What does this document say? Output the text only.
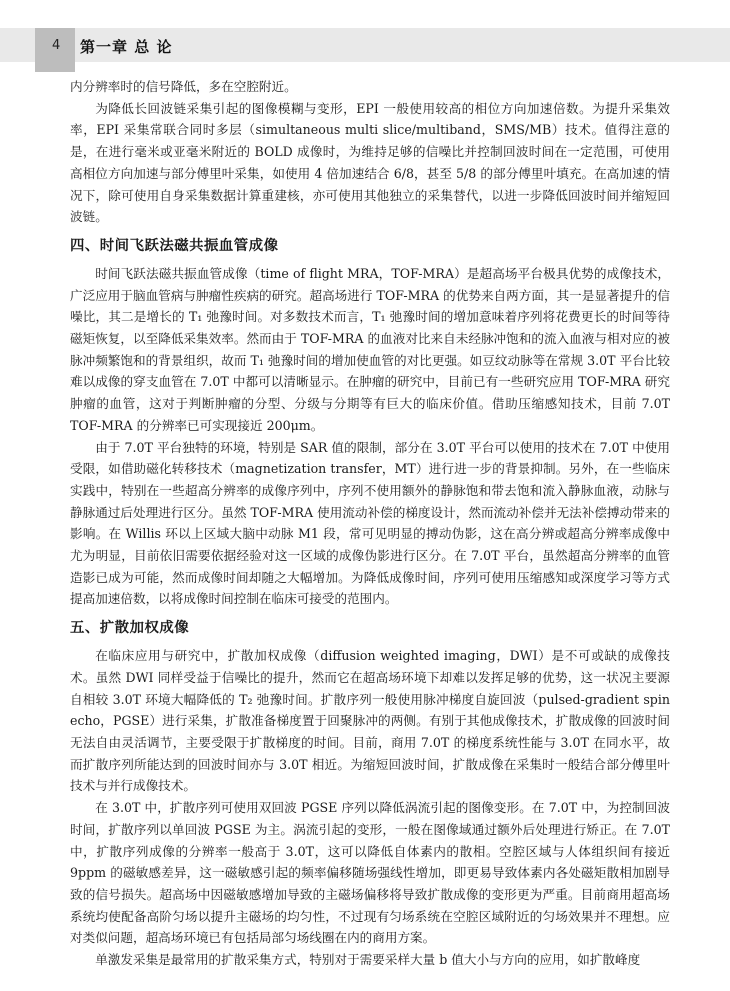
4 第一章 总 论

内分辨率时的信号降低，多在空腔附近。

为降低长回波链采集引起的图像模糊与变形，EPI 一般使用较高的相位方向加速倍数。为提升采集效率，EPI 采集常联合同时多层（simultaneous multi slice/multiband，SMS/MB）技术。值得注意的是，在进行毫米或亚毫米附近的 BOLD 成像时，为维持足够的信噪比并控制回波时间在一定范围，可使用高相位方向加速与部分傅里叶采集，如使用 4 倍加速结合 6/8，甚至 5/8 的部分傅里叶填充。在高加速的情况下，除可使用自身采集数据计算重建核，亦可使用其他独立的采集替代，以进一步降低回波时间并缩短回波链。

四、时间飞跃法磁共振血管成像

时间飞跃法磁共振血管成像（time of flight MRA，TOF-MRA）是超高场平台极具优势的成像技术，广泛应用于脑血管病与肿瘤性疾病的研究。超高场进行 TOF-MRA 的优势来自两方面，其一是显著提升的信噪比，其二是增长的 T₁ 弛豫时间。对多数技术而言，T₁ 弛豫时间的增加意味着序列将花费更长的时间等待磁矩恢复，以至降低采集效率。然而由于 TOF-MRA 的血液对比来自未经脉冲饱和的流入血液与相对应的被脉冲频繁饱和的背景组织，故而 T₁ 弛豫时间的增加使血管的对比更强。如豆纹动脉等在常规 3.0T 平台比较难以成像的穿支血管在 7.0T 中都可以清晰显示。在肿瘤的研究中，目前已有一些研究应用 TOF-MRA 研究肿瘤的血管，这对于判断肿瘤的分型、分级与分期等有巨大的临床价值。借助压缩感知技术，目前 7.0T TOF-MRA 的分辨率已可实现接近 200μm。

由于 7.0T 平台独特的环境，特别是 SAR 值的限制，部分在 3.0T 平台可以使用的技术在 7.0T 中使用受限，如借助磁化转移技术（magnetization transfer，MT）进行进一步的背景抑制。另外，在一些临床实践中，特别在一些超高分辨率的成像序列中，序列不使用额外的静脉饱和带去饱和流入静脉血液，动脉与静脉通过后处理进行区分。虽然 TOF-MRA 使用流动补偿的梯度设计，然而流动补偿并无法补偿搏动带来的影响。在 Willis 环以上区域大脑中动脉 M1 段，常可见明显的搏动伪影，这在高分辨或超高分辨率成像中尤为明显，目前依旧需要依据经验对这一区域的成像伪影进行区分。在 7.0T 平台，虽然超高分辨率的血管造影已成为可能，然而成像时间却随之大幅增加。为降低成像时间，序列可使用压缩感知或深度学习等方式提高加速倍数，以将成像时间控制在临床可接受的范围内。

五、扩散加权成像

在临床应用与研究中，扩散加权成像（diffusion weighted imaging，DWI）是不可或缺的成像技术。虽然 DWI 同样受益于信噪比的提升，然而它在超高场环境下却难以发挥足够的优势，这一状况主要源自相较 3.0T 环境大幅降低的 T₂ 弛豫时间。扩散序列一般使用脉冲梯度自旋回波（pulsed-gradient spin echo，PGSE）进行采集，扩散准备梯度置于回聚脉冲的两侧。有别于其他成像技术，扩散成像的回波时间无法自由灵活调节，主要受限于扩散梯度的时间。目前，商用 7.0T 的梯度系统性能与 3.0T 在同水平，故而扩散序列所能达到的回波时间亦与 3.0T 相近。为缩短回波时间，扩散成像在采集时一般结合部分傅里叶技术与并行成像技术。

在 3.0T 中，扩散序列可使用双回波 PGSE 序列以降低涡流引起的图像变形。在 7.0T 中，为控制回波时间，扩散序列以单回波 PGSE 为主。涡流引起的变形，一般在图像域通过额外后处理进行矫正。在 7.0T 中，扩散序列成像的分辨率一般高于 3.0T，这可以降低自体素内的散相。空腔区域与人体组织间有接近 9ppm 的磁敏感差异，这一磁敏感引起的频率偏移随场强线性增加，即更易导致体素内各处磁矩散相加剧导致的信号损失。超高场中因磁敏感增加导致的主磁场偏移将导致扩散成像的变形更为严重。目前商用超高场系统均使配备高阶匀场以提升主磁场的均匀性，不过现有匀场系统在空腔区域附近的匀场效果并不理想。应对类似问题，超高场环境已有包括局部匀场线圈在内的商用方案。

单激发采集是最常用的扩散采集方式，特别对于需要采样大量 b 值大小与方向的应用，如扩散峰度
